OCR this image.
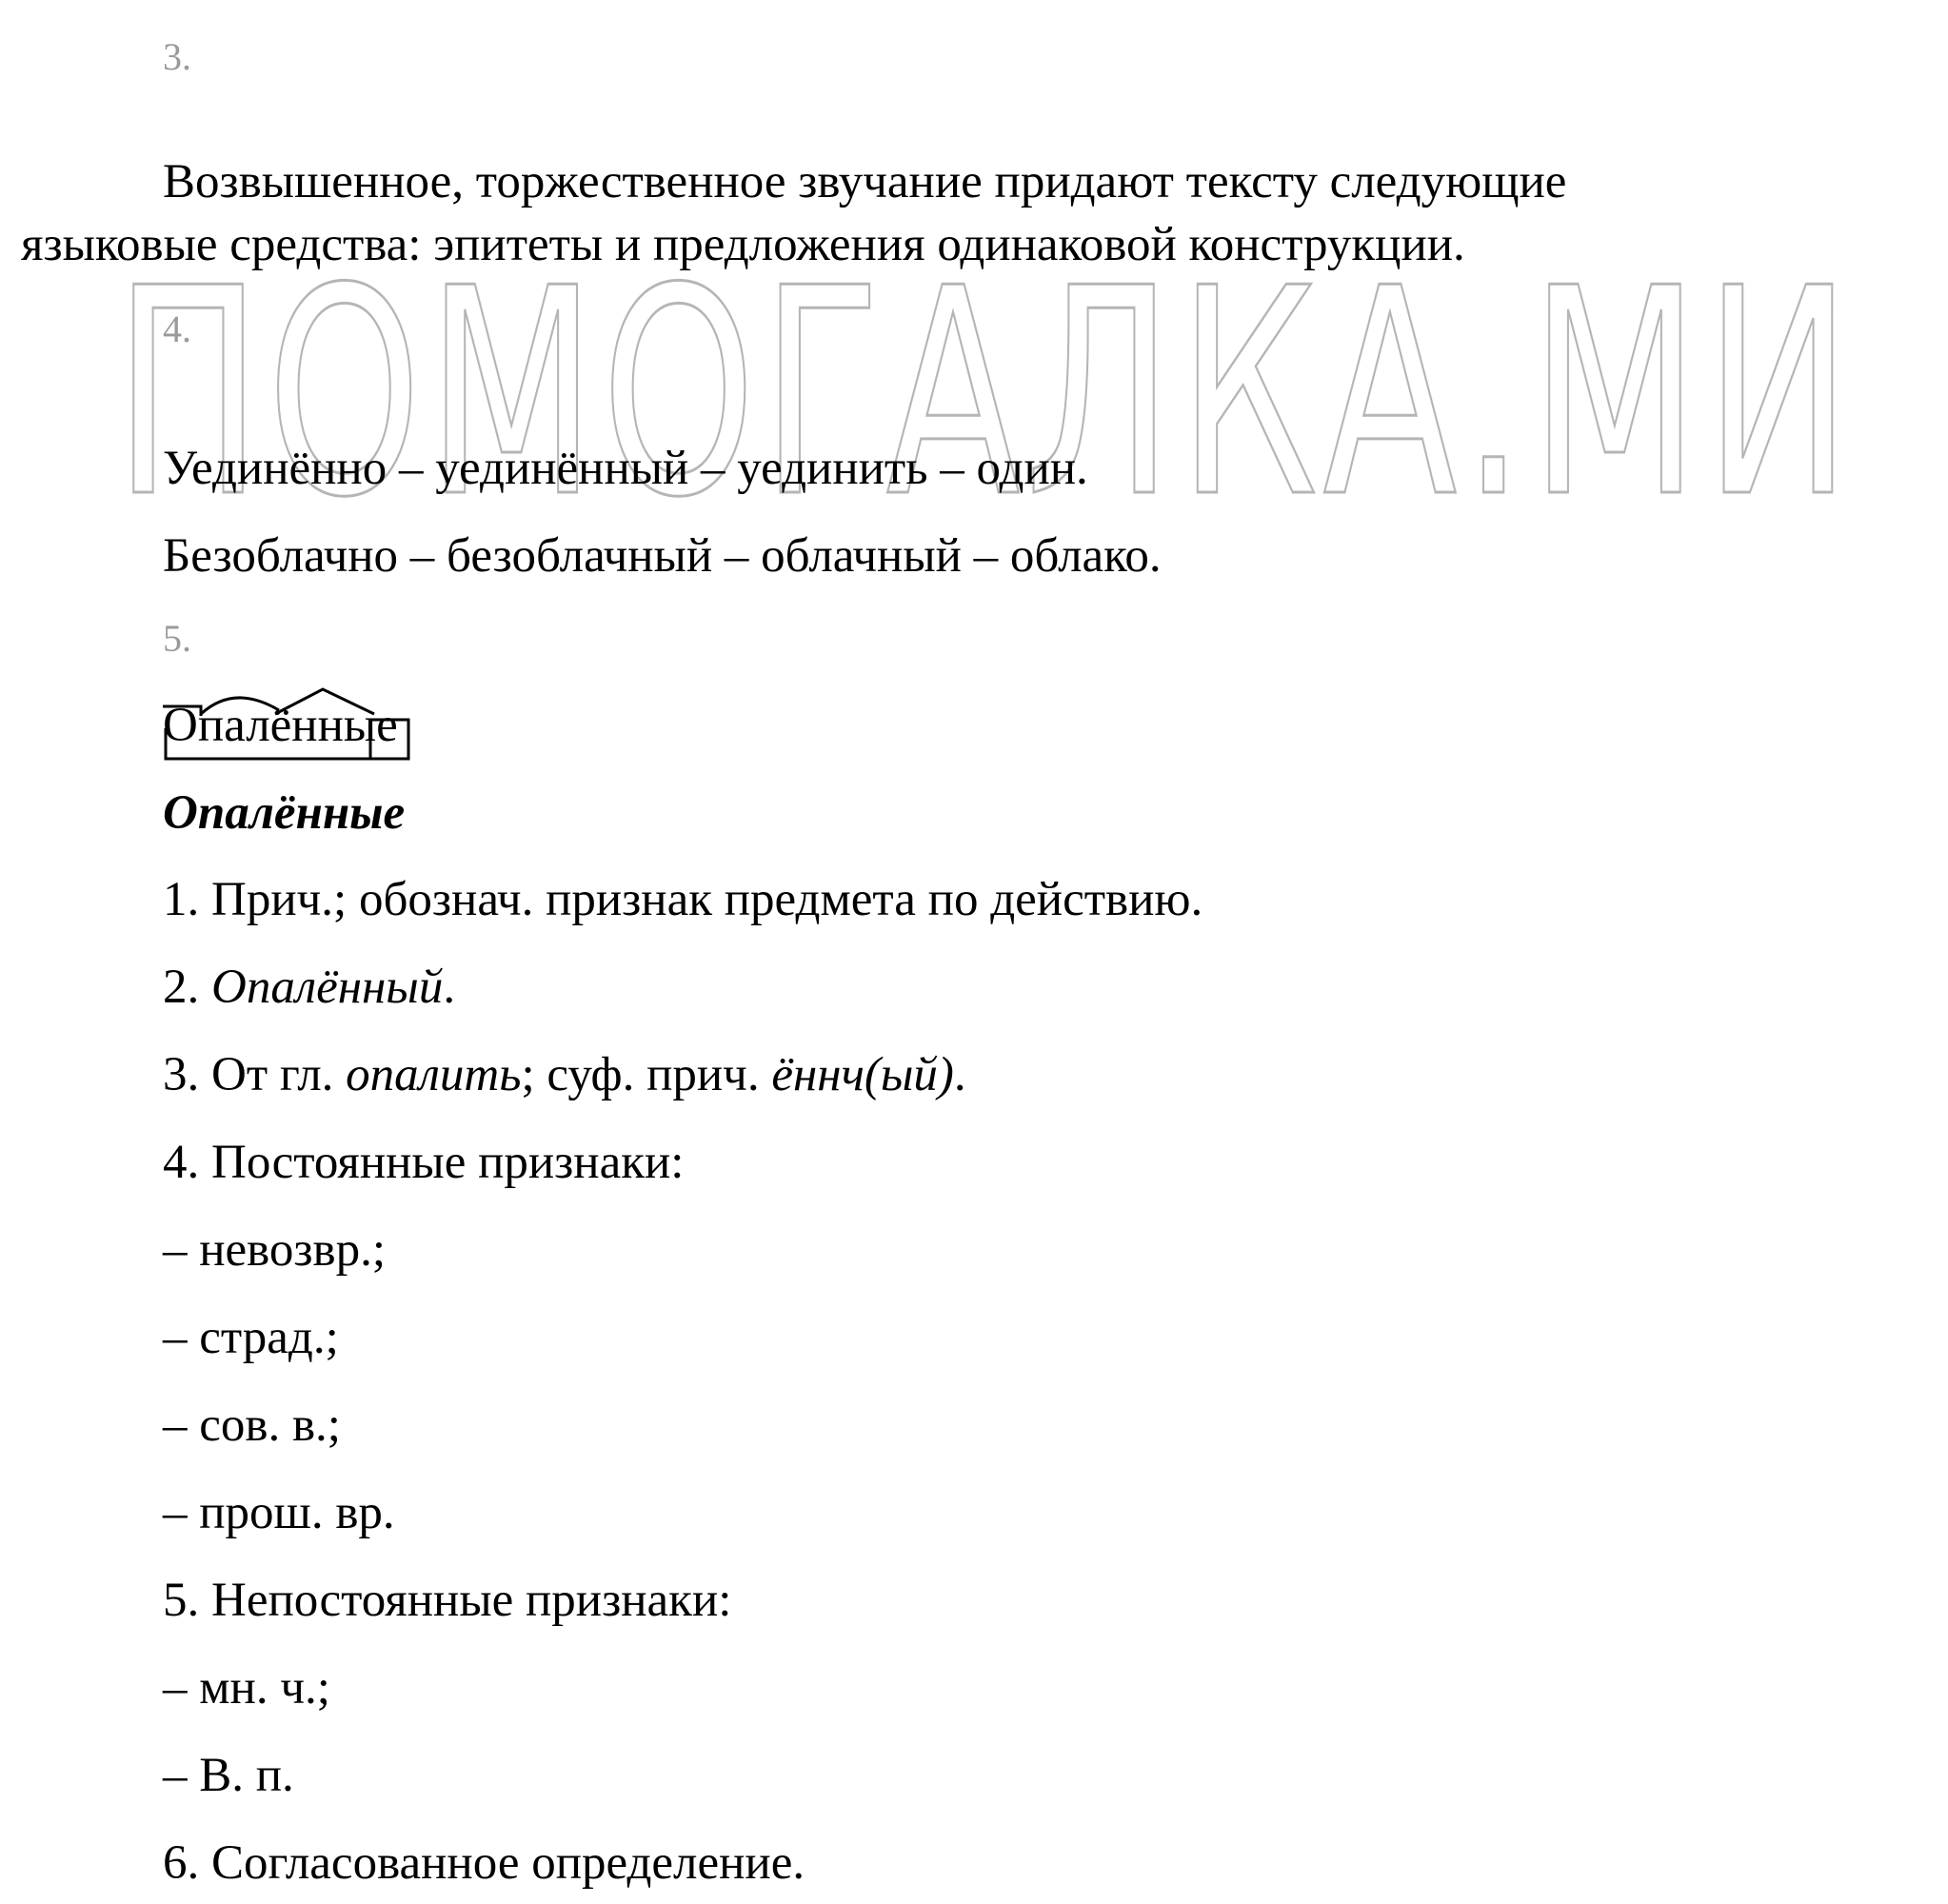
ПОМОГАЛКА.МИ
3.
Возвышенное, торжественное звучание придают тексту следующие
языковые средства: эпитеты и предложения одинаковой конструкции.
4.
Уединённо – уединённый – уединить – один.
Безоблачно – безоблачный – облачный – облако.
5.
Опалённые
Опалённые
1. Прич.; обознач. признак предмета по действию.
2. Опалённый.
3. От гл. опалить; суф. прич. ённч(ый).
4. Постоянные признаки:
– невозвр.;
– страд.;
– сов. в.;
– прош. вр.
5. Непостоянные признаки:
– мн. ч.;
– В. п.
6. Согласованное определение.
